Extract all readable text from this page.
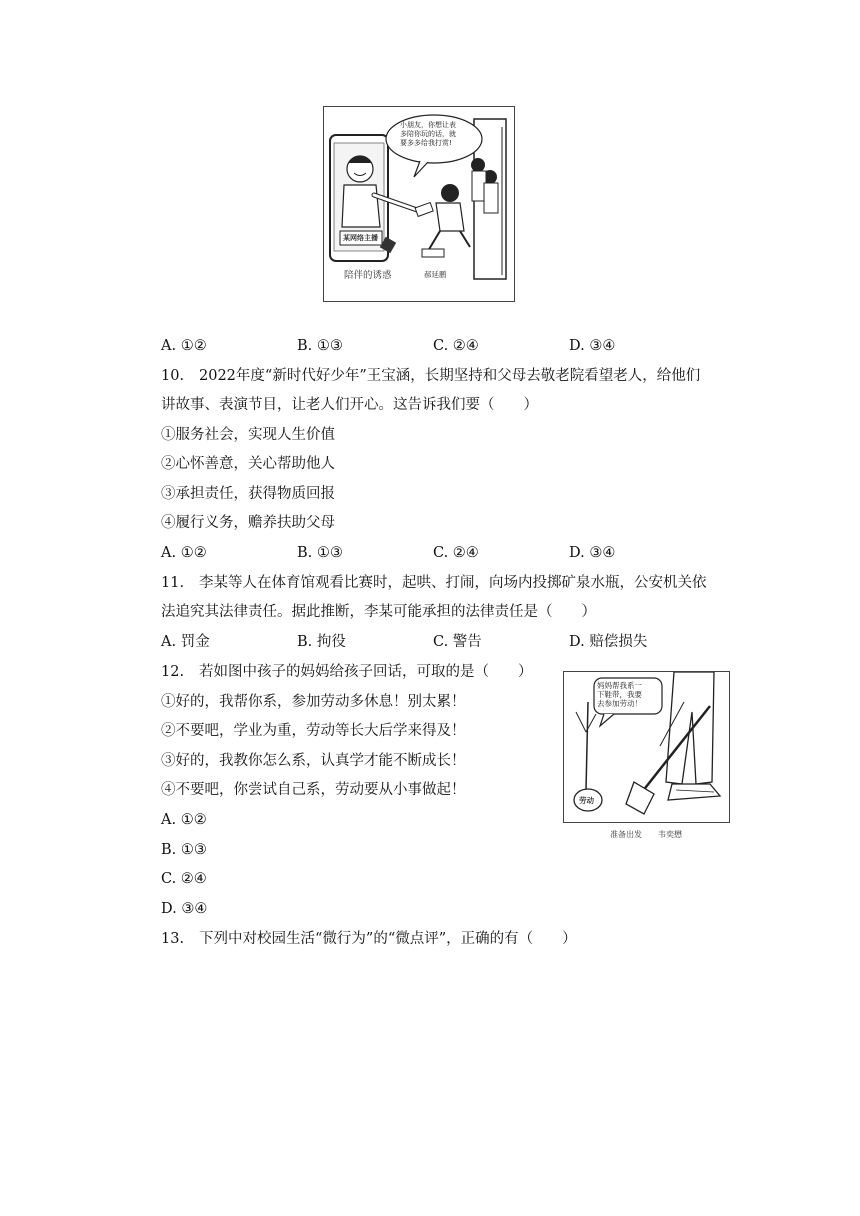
小朋友，你想让表
多陪你玩的话，就
要多多给我打赏!
某网络主播
陪伴的诱惑	郝延鹏
A. ①②	B. ①③	C. ②④	D. ③④
10. 2022年度“新时代好少年”王宝涵，长期坚持和父母去敬老院看望老人，给他们
讲故事、表演节目，让老人们开心。这告诉我们要（　　）
①服务社会，实现人生价值
②心怀善意，关心帮助他人
③承担责任，获得物质回报
④履行义务，赡养扶助父母
A. ①②	B. ①③	C. ②④	D. ③④
11. 李某等人在体育馆观看比赛时，起哄、打闹，向场内投掷矿泉水瓶，公安机关依
法追究其法律责任。据此推断，李某可能承担的法律责任是（　　）
A. 罚金	B. 拘役	C. 警告	D. 赔偿损失
12. 若如图中孩子的妈妈给孩子回话，可取的是（　　）
①好的，我帮你系，参加劳动多休息！别太累！
②不要吧，学业为重，劳动等长大后学来得及！
③好的，我教你怎么系，认真学才能不断成长！
④不要吧，你尝试自己系，劳动要从小事做起！
A. ①②
B. ①③
C. ②④
D. ③④
妈妈帮我系一
下鞋带，我要
去参加劳动！
劳动
准备出发 韦奕懋
13. 下列中对校园生活“微行为”的“微点评”，正确的有（　　）
